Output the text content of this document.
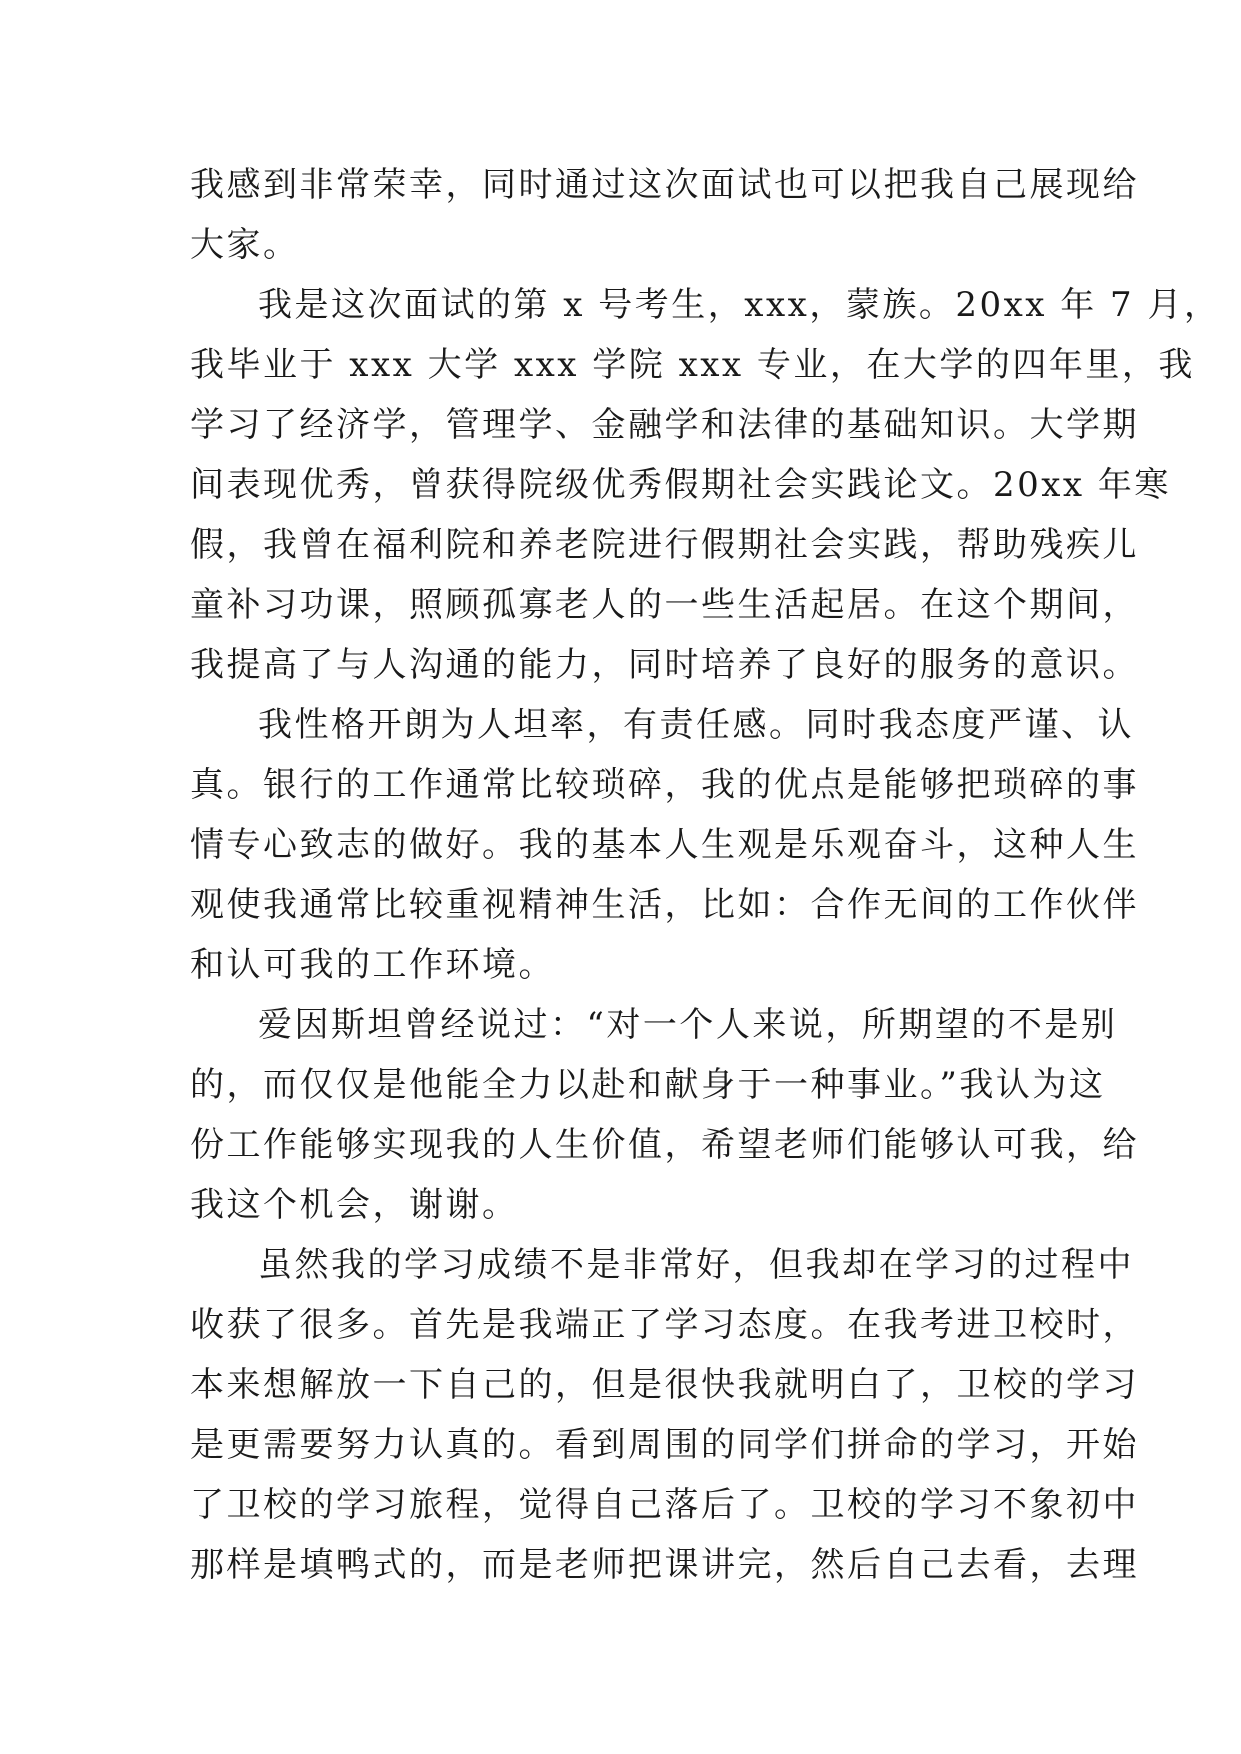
我感到非常荣幸，同时通过这次面试也可以把我自己展现给
大家。
我是这次面试的第 x 号考生，xxx，蒙族。20xx 年 7 月，
我毕业于 xxx 大学 xxx 学院 xxx 专业，在大学的四年里，我
学习了经济学，管理学、金融学和法律的基础知识。大学期
间表现优秀，曾获得院级优秀假期社会实践论文。20xx 年寒
假，我曾在福利院和养老院进行假期社会实践，帮助残疾儿
童补习功课，照顾孤寡老人的一些生活起居。在这个期间，
我提高了与人沟通的能力，同时培养了良好的服务的意识。
我性格开朗为人坦率，有责任感。同时我态度严谨、认
真。银行的工作通常比较琐碎，我的优点是能够把琐碎的事
情专心致志的做好。我的基本人生观是乐观奋斗，这种人生
观使我通常比较重视精神生活，比如：合作无间的工作伙伴
和认可我的工作环境。
爱因斯坦曾经说过：“对一个人来说，所期望的不是别
的，而仅仅是他能全力以赴和献身于一种事业。”我认为这
份工作能够实现我的人生价值，希望老师们能够认可我，给
我这个机会，谢谢。
虽然我的学习成绩不是非常好，但我却在学习的过程中
收获了很多。首先是我端正了学习态度。在我考进卫校时，
本来想解放一下自己的，但是很快我就明白了，卫校的学习
是更需要努力认真的。看到周围的同学们拼命的学习，开始
了卫校的学习旅程，觉得自己落后了。卫校的学习不象初中
那样是填鸭式的，而是老师把课讲完，然后自己去看，去理
